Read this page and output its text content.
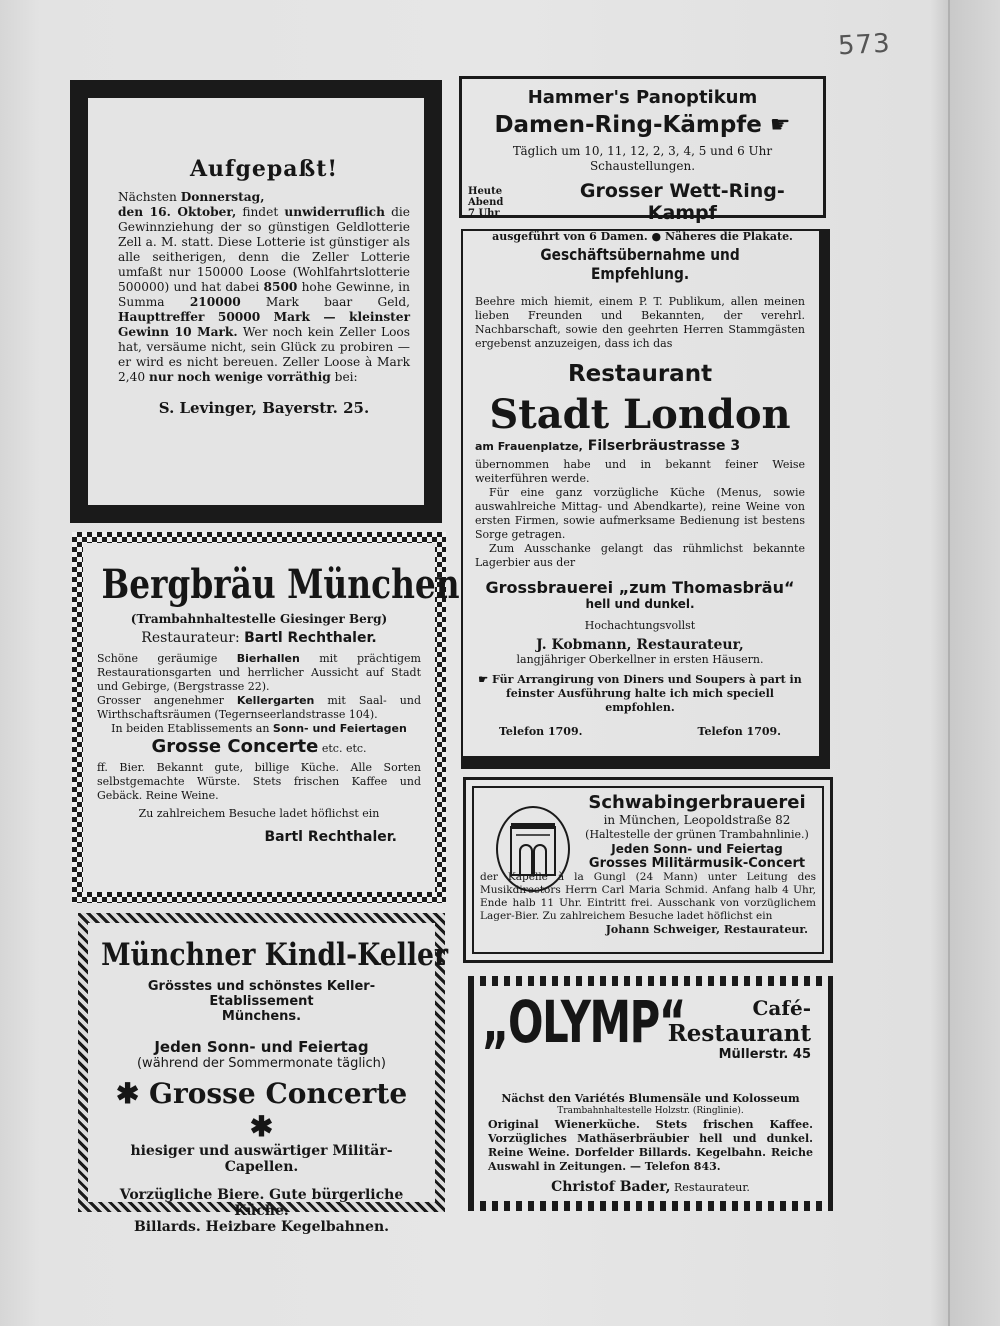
573

Aufgepaßt!

Nächsten Donnerstag,
den 16. Oktober, findet unwiderruflich die Gewinnziehung der so günstigen Geldlotterie Zell a. M. statt. Diese Lotterie ist günstiger als alle seitherigen, denn die Zeller Lotterie umfaßt nur 150000 Loose (Wohlfahrtslotterie 500000) und hat dabei 8500 hohe Gewinne, in Summa 210000 Mark baar Geld, Haupttreffer 50000 Mark — kleinster Gewinn 10 Mark. Wer noch kein Zeller Loos hat, versäume nicht, sein Glück zu probiren — er wird es nicht bereuen. Zeller Loose à Mark 2,40 nur noch wenige vorräthig bei:

S. Levinger, Bayerstr. 25.

Hammer's Panoptikum

Damen-Ring-Kämpfe ☛

Täglich um 10, 11, 12, 2, 3, 4, 5 und 6 Uhr Schaustellungen.

Heute Abend
7 Uhr
Grosser Wett-Ring-Kampf

ausgeführt von 6 Damen. ● Näheres die Plakate.

Geschäftsübernahme und Empfehlung.

Beehre mich hiemit, einem P. T. Publikum, allen meinen lieben Freunden und Bekannten, der verehrl. Nachbarschaft, sowie den geehrten Herren Stammgästen ergebenst anzuzeigen, dass ich das

Restaurant

Stadt London

am Frauenplatze, Filserbräustrasse 3

übernommen habe und in bekannt feiner Weise weiterführen werde.

Für eine ganz vorzügliche Küche (Menus, sowie auswahlreiche Mittag- und Abendkarte), reine Weine von ersten Firmen, sowie aufmerksame Bedienung ist bestens Sorge getragen.

Zum Ausschanke gelangt das rühmlichst bekannte Lagerbier aus der

Grossbrauerei „zum Thomasbräu“

hell und dunkel.

Hochachtungsvollst

J. Kobmann, Restaurateur,

langjähriger Oberkellner in ersten Häusern.

☛ Für Arrangirung von Diners und Soupers à part in feinster Ausführung halte ich mich speciell empfohlen.

Telefon 1709.	Telefon 1709.

Bergbräu München

(Trambahnhaltestelle Giesinger Berg)

Restaurateur: Bartl Rechthaler.

Schöne geräumige Bierhallen mit prächtigem Restaurationsgarten und herrlicher Aussicht auf Stadt und Gebirge, (Bergstrasse 22).

Grosser angenehmer Kellergarten mit Saal- und Wirthschaftsräumen (Tegernseerlandstrasse 104).

In beiden Etablissements an Sonn- und Feiertagen

Grosse Concerte etc. etc.

ff. Bier. Bekannt gute, billige Küche. Alle Sorten selbstgemachte Würste. Stets frischen Kaffee und Gebäck. Reine Weine.

Zu zahlreichem Besuche ladet höflichst ein

Bartl Rechthaler.

Schwabingerbrauerei

in München, Leopoldstraße 82

(Haltestelle der grünen Trambahnlinie.)

Jeden Sonn- und Feiertag

Grosses Militärmusik-Concert

der Kapelle à la Gungl (24 Mann) unter Leitung des Musikdirectors Herrn Carl Maria Schmid. Anfang halb 4 Uhr, Ende halb 11 Uhr. Eintritt frei. Ausschank von vorzüglichem Lager-Bier. Zu zahlreichem Besuche ladet höflichst ein

Johann Schweiger, Restaurateur.

Münchner Kindl-Keller

Grösstes und schönstes Keller-Etablissement

Münchens.

Jeden Sonn- und Feiertag

(während der Sommermonate täglich)

✱ Grosse Concerte ✱

hiesiger und auswärtiger Militär-Capellen.

Vorzügliche Biere. Gute bürgerliche Küche.

Billards. Heizbare Kegelbahnen.

„OLYMP“	Café-

Restaurant

Müllerstr. 45

Nächst den Variétés Blumensäle und Kolosseum

Trambahnhaltestelle Holzstr. (Ringlinie).

Original Wienerküche. Stets frischen Kaffee. Vorzügliches Mathäserbräubier hell und dunkel. Reine Weine. Dorfelder Billards. Kegelbahn. Reiche Auswahl in Zeitungen. — Telefon 843.

Christof Bader, Restaurateur.
